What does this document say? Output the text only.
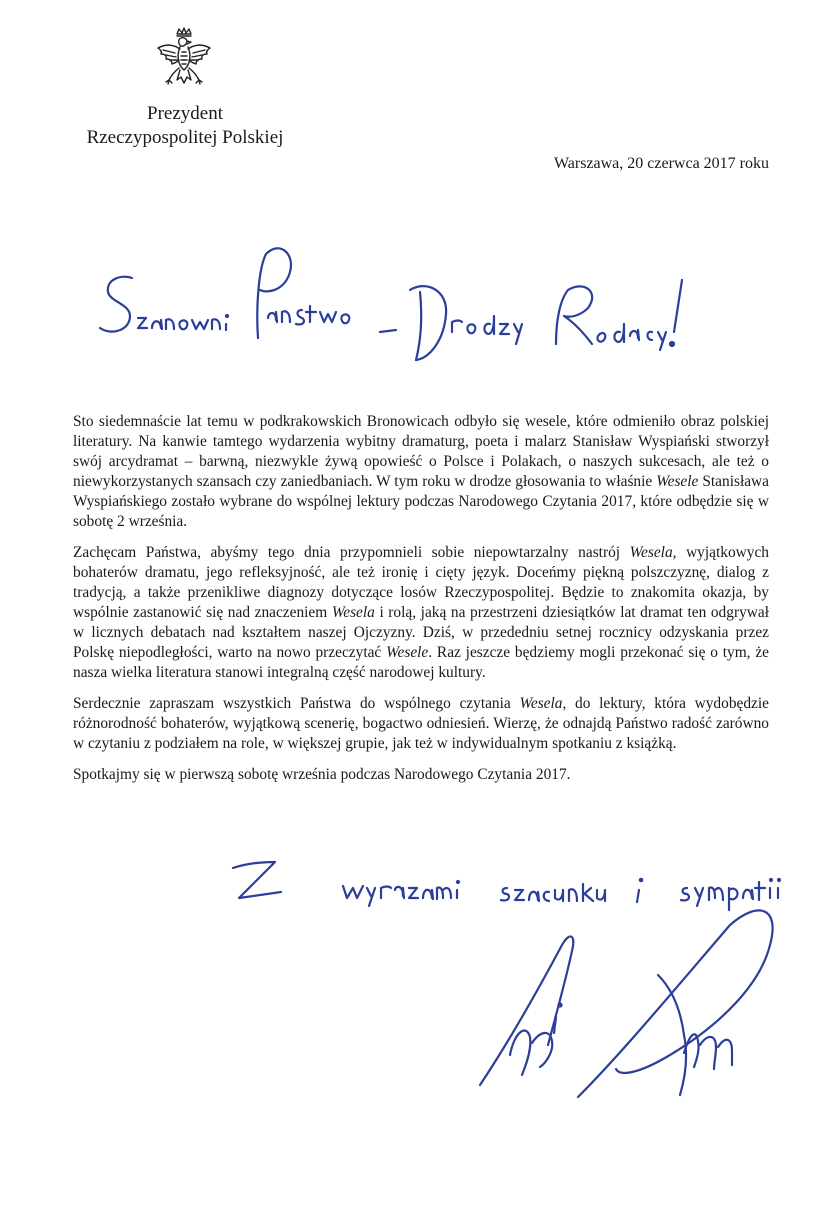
Prezydent
Rzeczypospolitej Polskiej
Warszawa, 20 czerwca 2017 roku

Sto siedemnaście lat temu w podkrakowskich Bronowicach odbyło się wesele, które odmieniło obraz polskiej literatury. Na kanwie tamtego wydarzenia wybitny dramaturg, poeta i malarz Stanisław Wyspiański stworzył swój arcydramat – barwną, niezwykle żywą opowieść o Polsce i Polakach, o naszych sukcesach, ale też o niewykorzystanych szansach czy zaniedbaniach. W tym roku w drodze głosowania to właśnie Wesele Stanisława Wyspiańskiego zostało wybrane do wspólnej lektury podczas Narodowego Czytania 2017, które odbędzie się w sobotę 2 września.

Zachęcam Państwa, abyśmy tego dnia przypomnieli sobie niepowtarzalny nastrój Wesela, wyjątkowych bohaterów dramatu, jego refleksyjność, ale też ironię i cięty język. Doceńmy piękną polszczyznę, dialog z tradycją, a także przenikliwe diagnozy dotyczące losów Rzeczypospolitej. Będzie to znakomita okazja, by wspólnie zastanowić się nad znaczeniem Wesela i rolą, jaką na przestrzeni dziesiątków lat dramat ten odgrywał w licznych debatach nad kształtem naszej Ojczyzny. Dziś, w przededniu setnej rocznicy odzyskania przez Polskę niepodległości, warto na nowo przeczytać Wesele. Raz jeszcze będziemy mogli przekonać się o tym, że nasza wielka literatura stanowi integralną część narodowej kultury.

Serdecznie zapraszam wszystkich Państwa do wspólnego czytania Wesela, do lektury, która wydobędzie różnorodność bohaterów, wyjątkową scenerię, bogactwo odniesień. Wierzę, że odnajdą Państwo radość zarówno w czytaniu z podziałem na role, w większej grupie, jak też w indywidualnym spotkaniu z książką.

Spotkajmy się w pierwszą sobotę września podczas Narodowego Czytania 2017.
